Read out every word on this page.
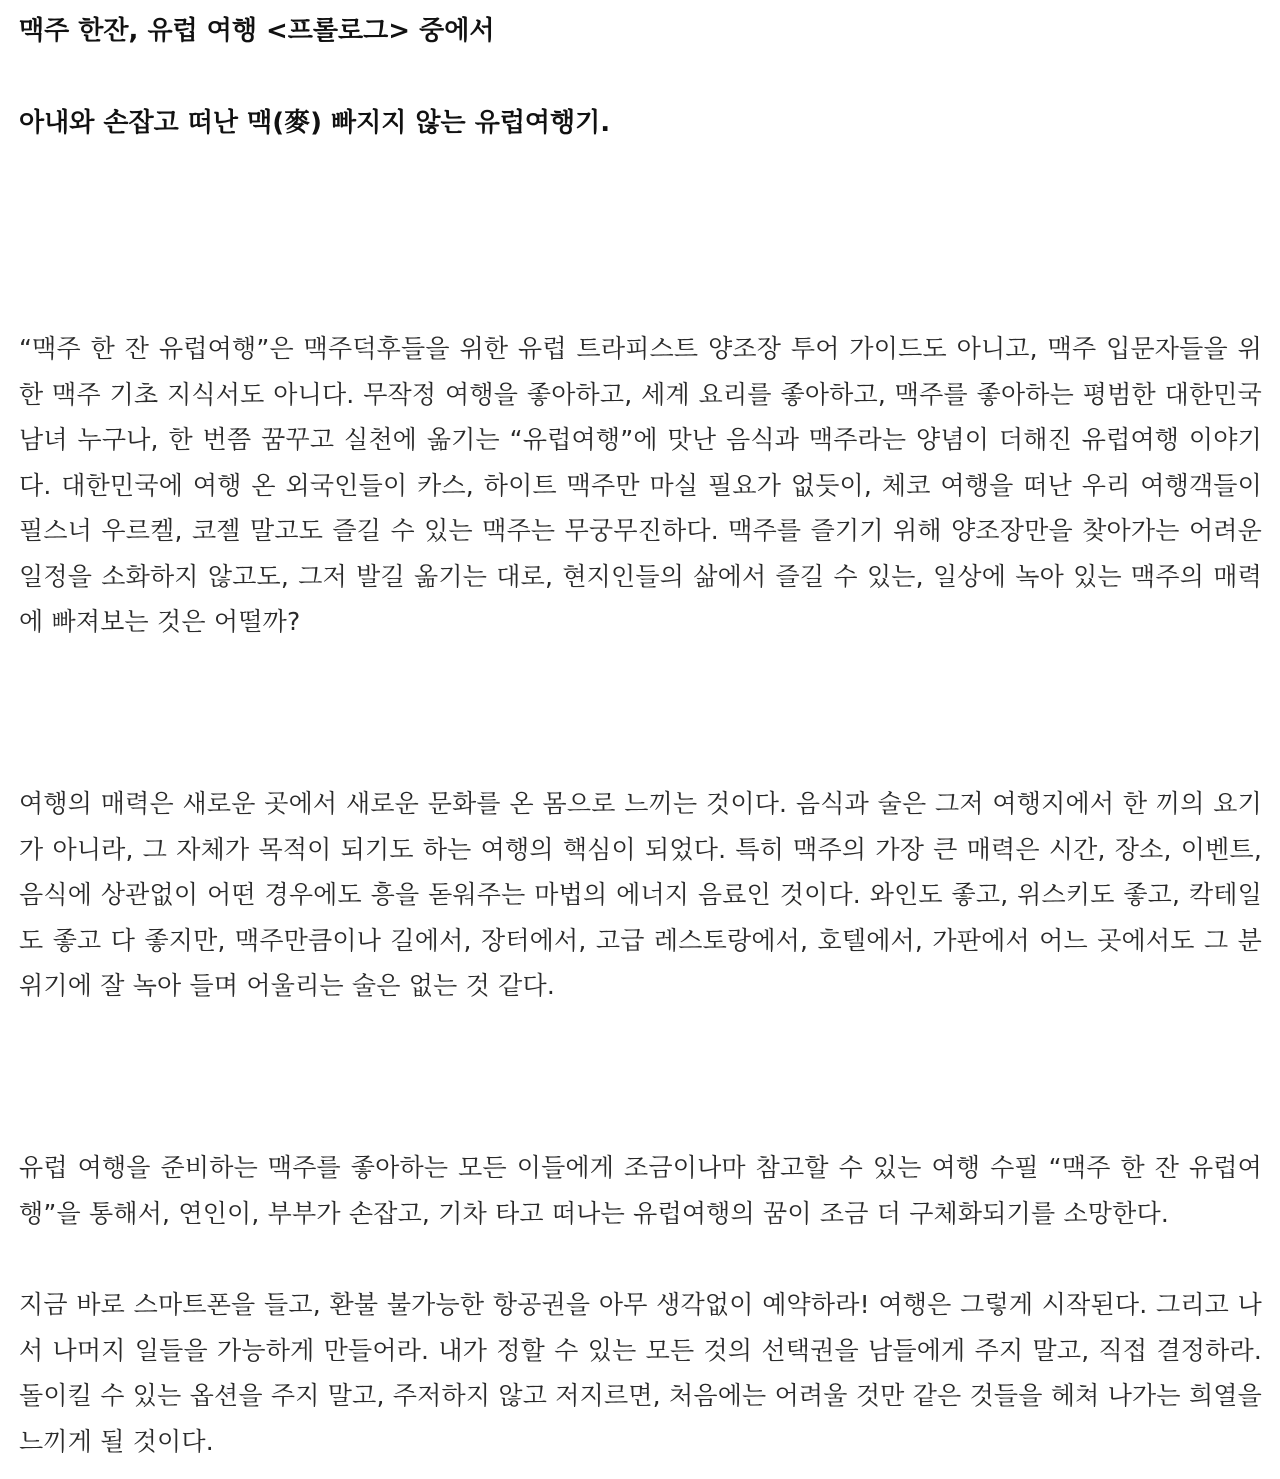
맥주 한잔, 유럽 여행 <프롤로그> 중에서
아내와 손잡고 떠난 맥(麥) 빠지지 않는 유럽여행기.

“맥주 한 잔 유럽여행”은 맥주덕후들을 위한 유럽 트라피스트 양조장 투어 가이드도 아니고, 맥주 입문자들을 위한 맥주 기초 지식서도 아니다. 무작정 여행을 좋아하고, 세계 요리를 좋아하고, 맥주를 좋아하는 평범한 대한민국 남녀 누구나, 한 번쯤 꿈꾸고 실천에 옮기는 “유럽여행”에 맛난 음식과 맥주라는 양념이 더해진 유럽여행 이야기다. 대한민국에 여행 온 외국인들이 카스, 하이트 맥주만 마실 필요가 없듯이, 체코 여행을 떠난 우리 여행객들이 필스너 우르켈, 코젤 말고도 즐길 수 있는 맥주는 무궁무진하다. 맥주를 즐기기 위해 양조장만을 찾아가는 어려운 일정을 소화하지 않고도, 그저 발길 옮기는 대로, 현지인들의 삶에서 즐길 수 있는, 일상에 녹아 있는 맥주의 매력에 빠져보는 것은 어떨까?

여행의 매력은 새로운 곳에서 새로운 문화를 온 몸으로 느끼는 것이다. 음식과 술은 그저 여행지에서 한 끼의 요기가 아니라, 그 자체가 목적이 되기도 하는 여행의 핵심이 되었다. 특히 맥주의 가장 큰 매력은 시간, 장소, 이벤트, 음식에 상관없이 어떤 경우에도 흥을 돋워주는 마법의 에너지 음료인 것이다. 와인도 좋고, 위스키도 좋고, 칵테일도 좋고 다 좋지만, 맥주만큼이나 길에서, 장터에서, 고급 레스토랑에서, 호텔에서, 가판에서 어느 곳에서도 그 분위기에 잘 녹아 들며 어울리는 술은 없는 것 같다.

유럽 여행을 준비하는 맥주를 좋아하는 모든 이들에게 조금이나마 참고할 수 있는 여행 수필 “맥주 한 잔 유럽여행”을 통해서, 연인이, 부부가 손잡고, 기차 타고 떠나는 유럽여행의 꿈이 조금 더 구체화되기를 소망한다.

지금 바로 스마트폰을 들고, 환불 불가능한 항공권을 아무 생각없이 예약하라! 여행은 그렇게 시작된다. 그리고 나서 나머지 일들을 가능하게 만들어라. 내가 정할 수 있는 모든 것의 선택권을 남들에게 주지 말고, 직접 결정하라. 돌이킬 수 있는 옵션을 주지 말고, 주저하지 않고 저지르면, 처음에는 어려울 것만 같은 것들을 헤쳐 나가는 희열을 느끼게 될 것이다.
